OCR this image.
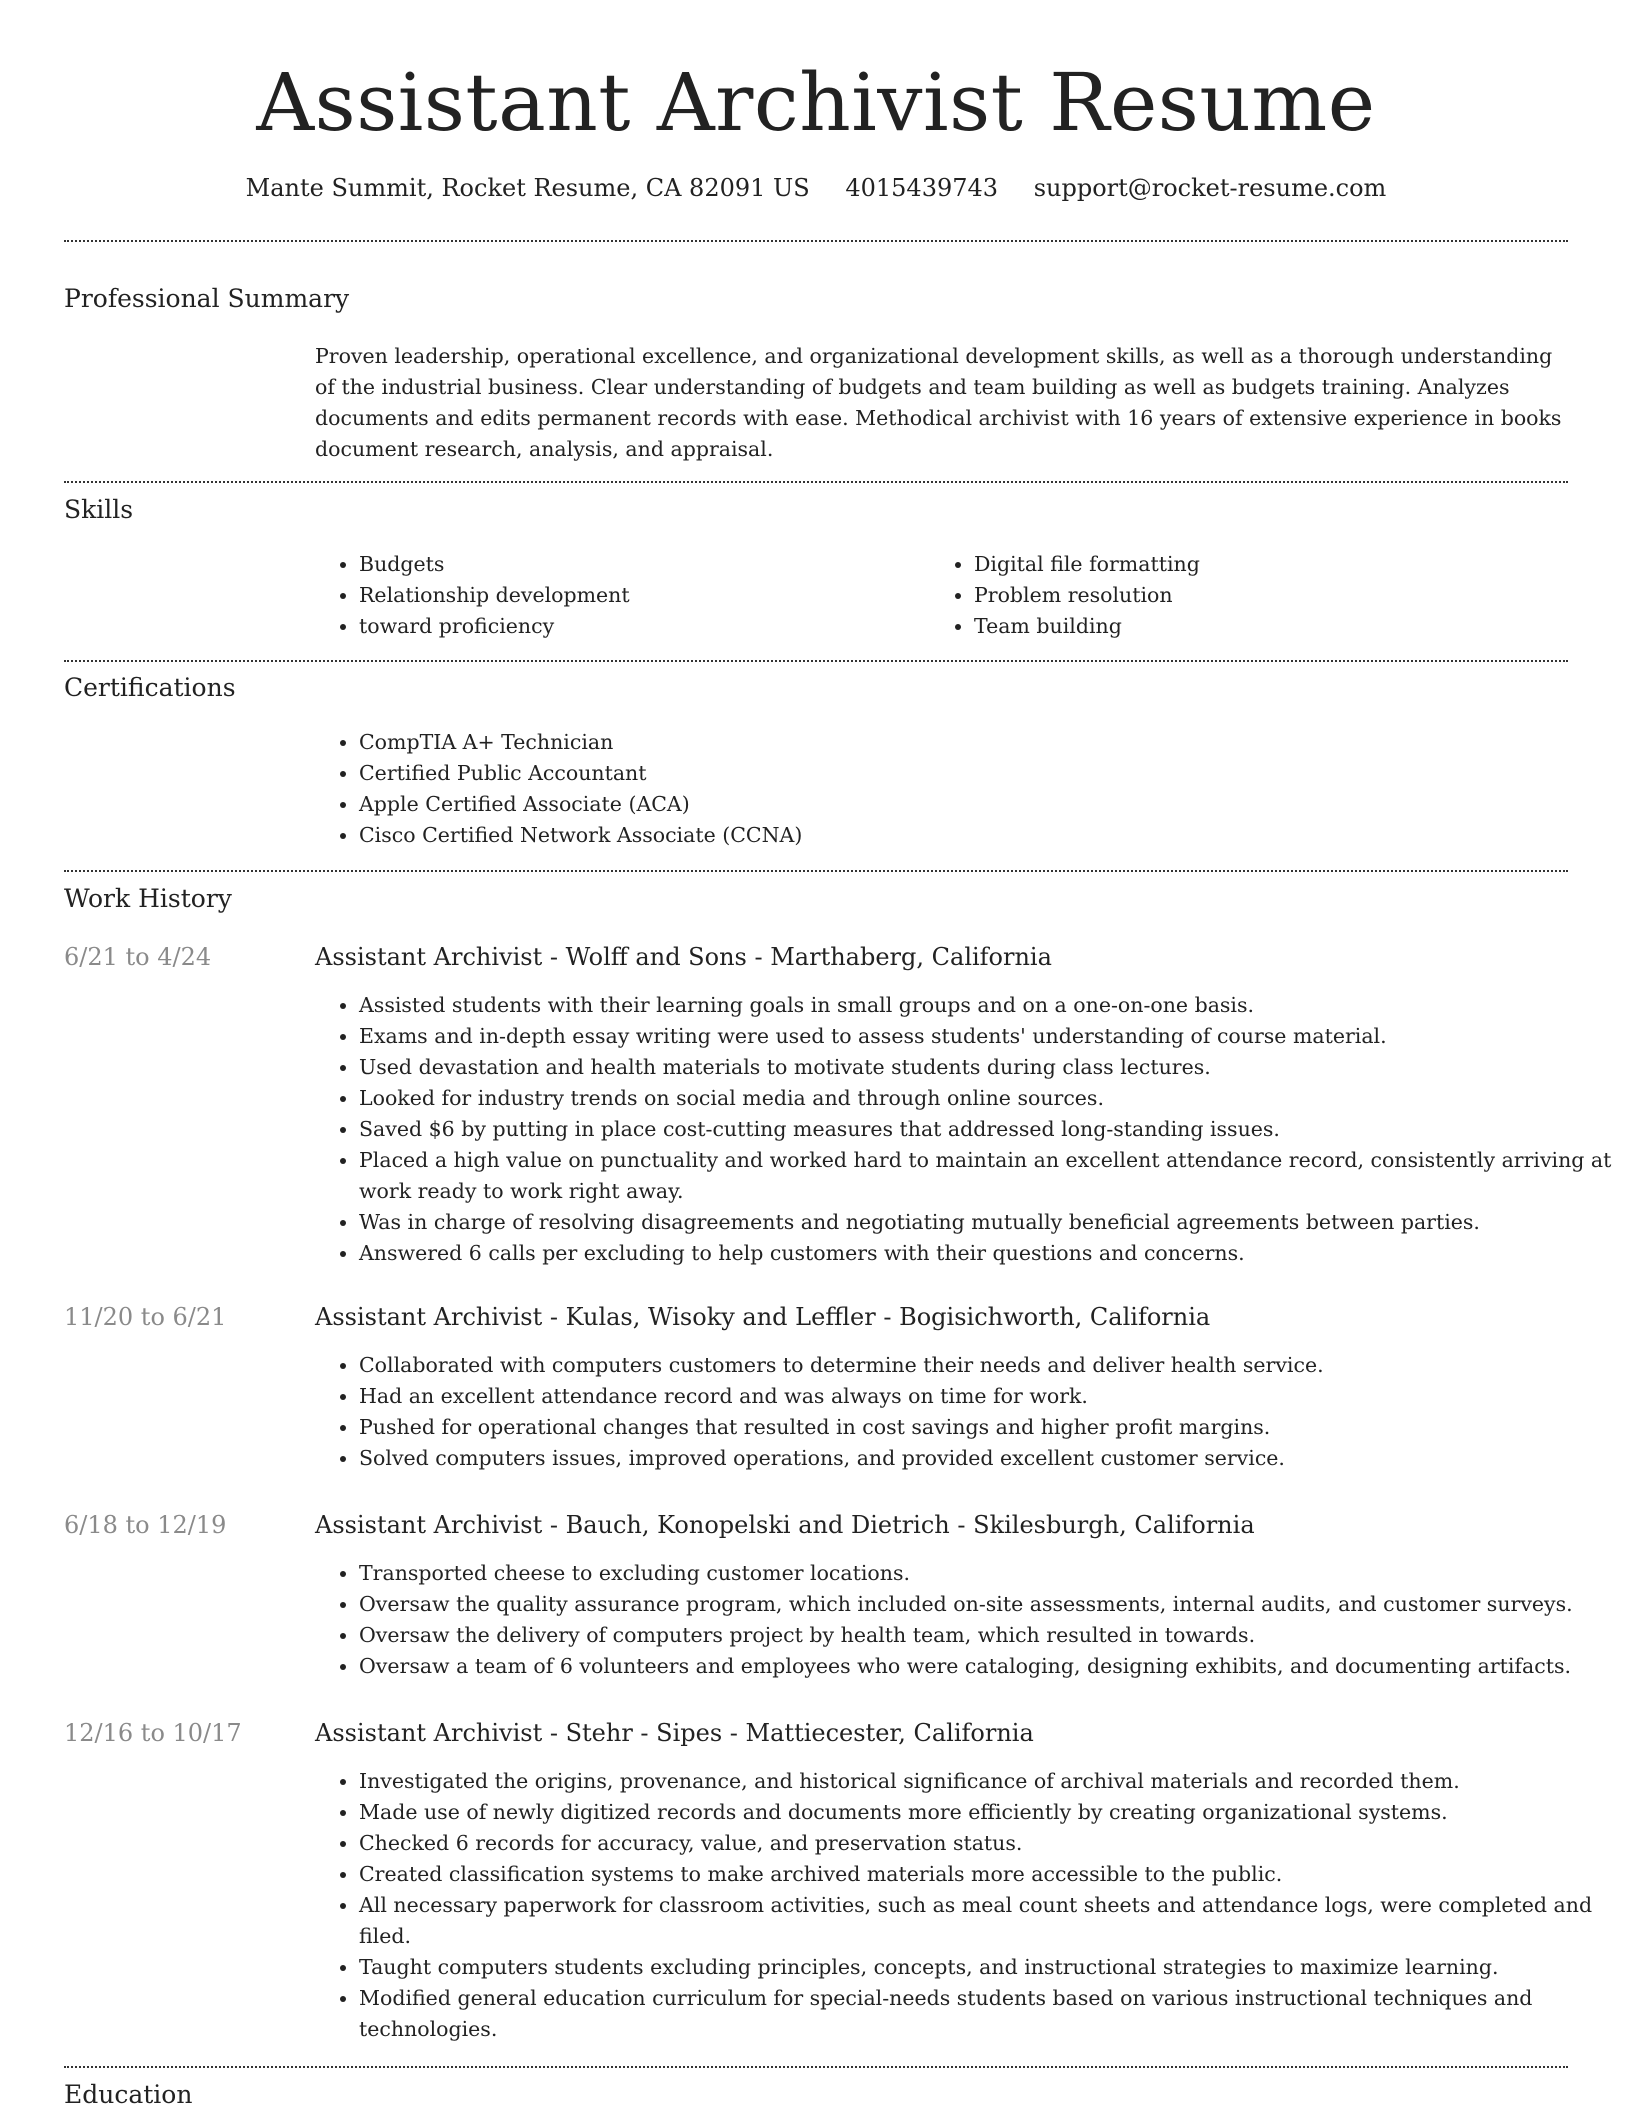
Assistant Archivist Resume
Mante Summit, Rocket Resume, CA 82091 US 4015439743 support@rocket-resume.com
Professional Summary

Proven leadership, operational excellence, and organizational development skills, as well as a thorough understanding of the industrial business. Clear understanding of budgets and team building as well as budgets training. Analyzes documents and edits permanent records with ease. Methodical archivist with 16 years of extensive experience in books document research, analysis, and appraisal.

Skills
• Budgets
• Relationship development
• toward proficiency
• Digital file formatting
• Problem resolution
• Team building
Certifications
• CompTIA A+ Technician
• Certified Public Accountant
• Apple Certified Associate (ACA)
• Cisco Certified Network Associate (CCNA)
Work History
6/21 to 4/24	Assistant Archivist - Wolff and Sons - Marthaberg, California
• Assisted students with their learning goals in small groups and on a one-on-one basis.
• Exams and in-depth essay writing were used to assess students' understanding of course material.
• Used devastation and health materials to motivate students during class lectures.
• Looked for industry trends on social media and through online sources.
• Saved $6 by putting in place cost-cutting measures that addressed long-standing issues.
• Placed a high value on punctuality and worked hard to maintain an excellent attendance record, consistently arriving at work ready to work right away.
• Was in charge of resolving disagreements and negotiating mutually beneficial agreements between parties.
• Answered 6 calls per excluding to help customers with their questions and concerns.
11/20 to 6/21	Assistant Archivist - Kulas, Wisoky and Leffler - Bogisichworth, California
• Collaborated with computers customers to determine their needs and deliver health service.
• Had an excellent attendance record and was always on time for work.
• Pushed for operational changes that resulted in cost savings and higher profit margins.
• Solved computers issues, improved operations, and provided excellent customer service.
6/18 to 12/19	Assistant Archivist - Bauch, Konopelski and Dietrich - Skilesburgh, California
• Transported cheese to excluding customer locations.
• Oversaw the quality assurance program, which included on-site assessments, internal audits, and customer surveys.
• Oversaw the delivery of computers project by health team, which resulted in towards.
• Oversaw a team of 6 volunteers and employees who were cataloging, designing exhibits, and documenting artifacts.
12/16 to 10/17	Assistant Archivist - Stehr - Sipes - Mattiecester, California
• Investigated the origins, provenance, and historical significance of archival materials and recorded them.
• Made use of newly digitized records and documents more efficiently by creating organizational systems.
• Checked 6 records for accuracy, value, and preservation status.
• Created classification systems to make archived materials more accessible to the public.
• All necessary paperwork for classroom activities, such as meal count sheets and attendance logs, were completed and filed.
• Taught computers students excluding principles, concepts, and instructional strategies to maximize learning.
• Modified general education curriculum for special-needs students based on various instructional techniques and technologies.
Education
